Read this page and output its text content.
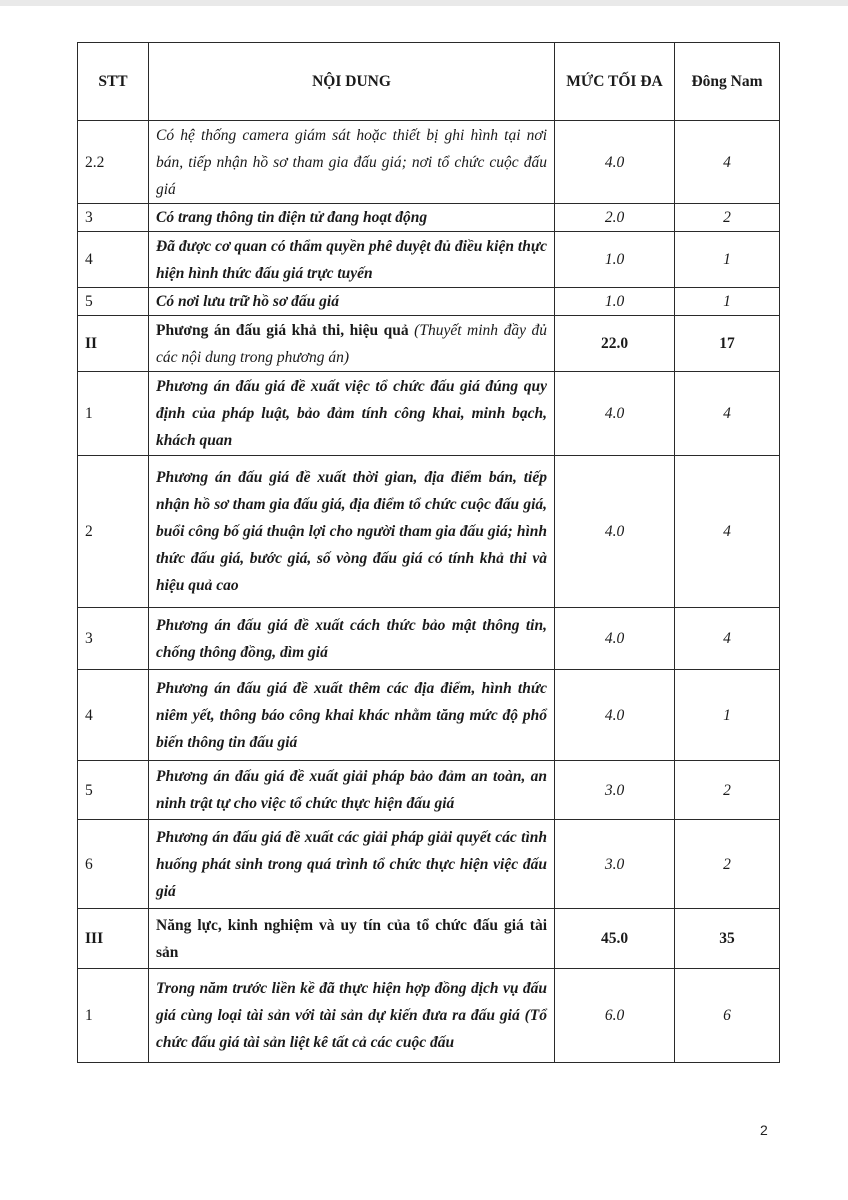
STT	NỘI DUNG	MỨC TỐI ĐA	Đông Nam
2.2	Có hệ thống camera giám sát hoặc thiết bị ghi hình tại nơi bán, tiếp nhận hồ sơ tham gia đấu giá; nơi tổ chức cuộc đấu giá	4.0	4
3	Có trang thông tin điện tử đang hoạt động	2.0	2
4	Đã được cơ quan có thẩm quyền phê duyệt đủ điều kiện thực hiện hình thức đấu giá trực tuyến	1.0	1
5	Có nơi lưu trữ hồ sơ đấu giá	1.0	1
II	Phương án đấu giá khả thi, hiệu quả (Thuyết minh đầy đủ các nội dung trong phương án)	22.0	17
1	Phương án đấu giá đề xuất việc tổ chức đấu giá đúng quy định của pháp luật, bảo đảm tính công khai, minh bạch, khách quan	4.0	4
2	Phương án đấu giá đề xuất thời gian, địa điểm bán, tiếp nhận hồ sơ tham gia đấu giá, địa điểm tổ chức cuộc đấu giá, buổi công bố giá thuận lợi cho người tham gia đấu giá; hình thức đấu giá, bước giá, số vòng đấu giá có tính khả thi và hiệu quả cao	4.0	4
3	Phương án đấu giá đề xuất cách thức bảo mật thông tin, chống thông đồng, dìm giá	4.0	4
4	Phương án đấu giá đề xuất thêm các địa điểm, hình thức niêm yết, thông báo công khai khác nhằm tăng mức độ phổ biến thông tin đấu giá	4.0	1
5	Phương án đấu giá đề xuất giải pháp bảo đảm an toàn, an ninh trật tự cho việc tổ chức thực hiện đấu giá	3.0	2
6	Phương án đấu giá đề xuất các giải pháp giải quyết các tình huống phát sinh trong quá trình tổ chức thực hiện việc đấu giá	3.0	2
III	Năng lực, kinh nghiệm và uy tín của tổ chức đấu giá tài sản	45.0	35
1	Trong năm trước liền kề đã thực hiện hợp đồng dịch vụ đấu giá cùng loại tài sản với tài sản dự kiến đưa ra đấu giá (Tổ chức đấu giá tài sản liệt kê tất cả các cuộc đấu	6.0	6
2
